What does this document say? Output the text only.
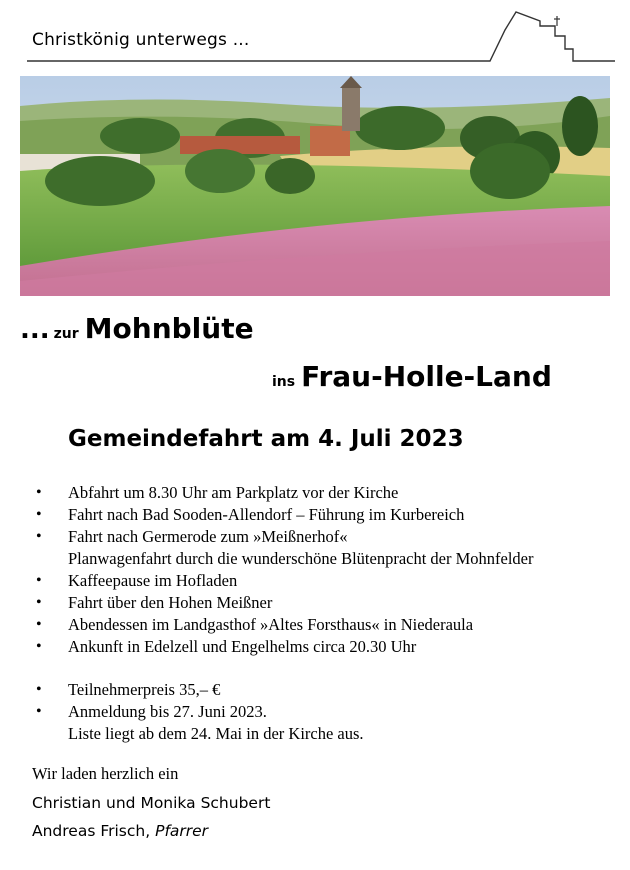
Christkönig unterwegs ...
... zur Mohnblüte
ins Frau-Holle-Land
Gemeindefahrt am 4. Juli 2023
• Abfahrt um 8.30 Uhr am Parkplatz vor der Kirche
• Fahrt nach Bad Sooden-Allendorf – Führung im Kurbereich
• Fahrt nach Germerode zum »Meißnerhof«
Planwagenfahrt durch die wunderschöne Blütenpracht der Mohnfelder
• Kaffeepause im Hofladen
• Fahrt über den Hohen Meißner
• Abendessen im Landgasthof »Altes Forsthaus« in Niederaula
• Ankunft in Edelzell und Engelhelms circa 20.30 Uhr
• Teilnehmerpreis 35,– €
• Anmeldung bis 27. Juni 2023.
Liste liegt ab dem 24. Mai in der Kirche aus.
Wir laden herzlich ein
Christian und Monika Schubert
Andreas Frisch, Pfarrer
